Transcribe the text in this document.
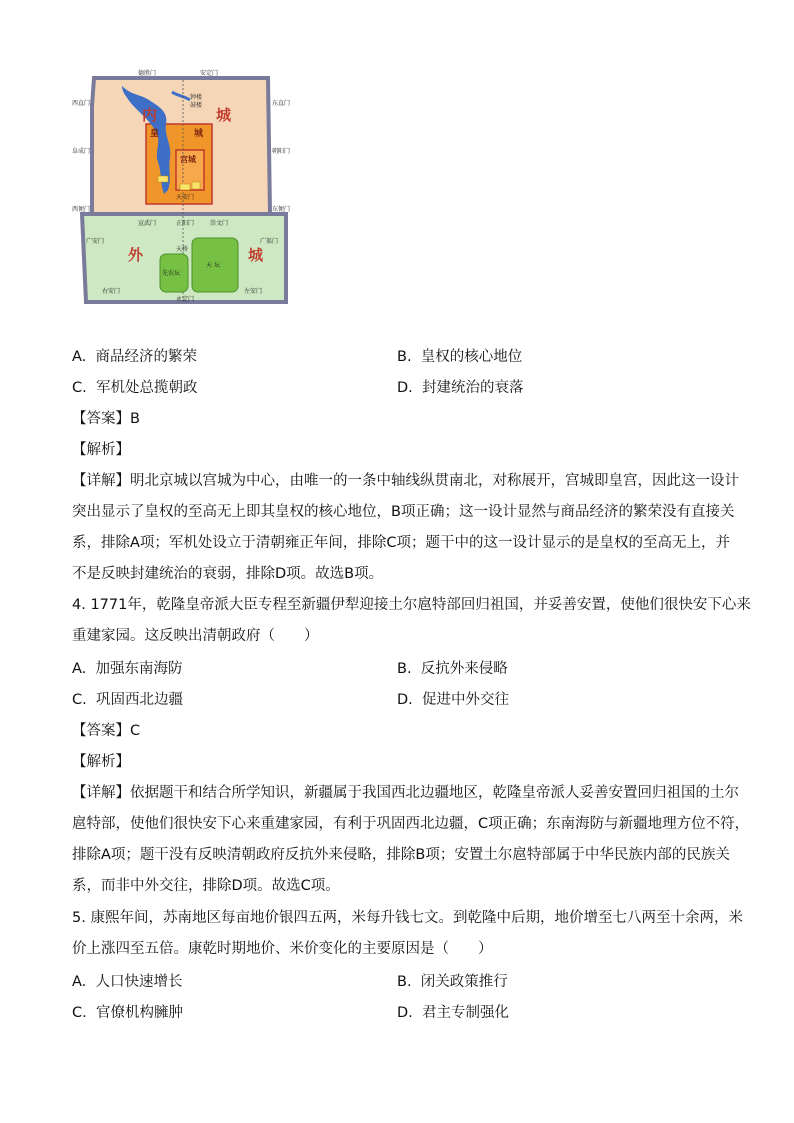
内	城
皇	城
宫城
外	城
先农坛
天 坛
天桥
德胜门	安定门
钟楼
鼓楼
西直门	东直门
阜成门	朝阳门
西便门	东便门
宣武门	正阳门	崇文门
广安门	广渠门
右安门	左安门
永定门
天安门
A. 商品经济的繁荣	B. 皇权的核心地位
C. 军机处总揽朝政	D. 封建统治的衰落
【答案】B
【解析】
【详解】明北京城以宫城为中心，由唯一的一条中轴线纵贯南北，对称展开，宫城即皇宫，因此这一设计
突出显示了皇权的至高无上即其皇权的核心地位，B项正确；这一设计显然与商品经济的繁荣没有直接关
系，排除A项；军机处设立于清朝雍正年间，排除C项；题干中的这一设计显示的是皇权的至高无上，并
不是反映封建统治的衰弱，排除D项。故选B项。
4. 1771年，乾隆皇帝派大臣专程至新疆伊犁迎接土尔扈特部回归祖国，并妥善安置，使他们很快安下心来
重建家园。这反映出清朝政府（　　）
A. 加强东南海防	B. 反抗外来侵略
C. 巩固西北边疆	D. 促进中外交往
【答案】C
【解析】
【详解】依据题干和结合所学知识，新疆属于我国西北边疆地区，乾隆皇帝派人妥善安置回归祖国的土尔
扈特部，使他们很快安下心来重建家园，有利于巩固西北边疆，C项正确；东南海防与新疆地理方位不符，
排除A项；题干没有反映清朝政府反抗外来侵略，排除B项；安置土尔扈特部属于中华民族内部的民族关
系，而非中外交往，排除D项。故选C项。
5. 康熙年间，苏南地区每亩地价银四五两，米每升钱七文。到乾隆中后期，地价增至七八两至十余两，米
价上涨四至五倍。康乾时期地价、米价变化的主要原因是（　　）
A. 人口快速增长	B. 闭关政策推行
C. 官僚机构臃肿	D. 君主专制强化
